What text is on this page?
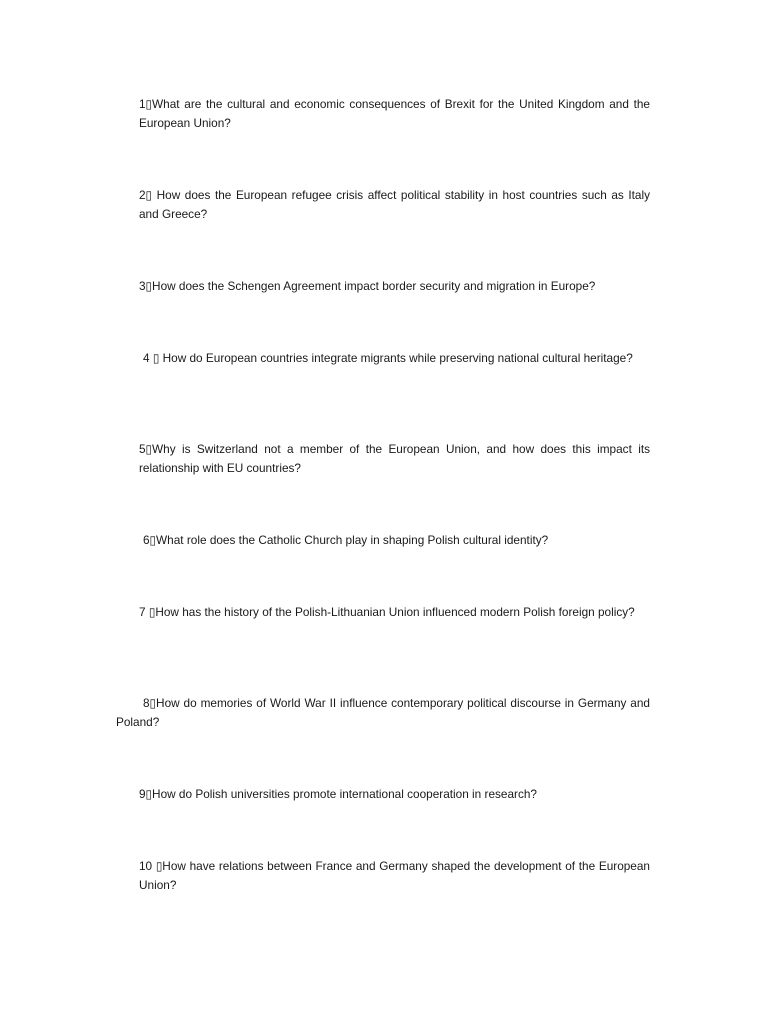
1▯What are the cultural and economic consequences of Brexit for the United Kingdom and the European Union?

2▯ How does the European refugee crisis affect political stability in host countries such as Italy and Greece?

3▯How does the Schengen Agreement impact border security and migration in Europe?

4 ▯ How do European countries integrate migrants while preserving national cultural heritage?

5▯Why is Switzerland not a member of the European Union, and how does this impact its relationship with EU countries?

6▯What role does the Catholic Church play in shaping Polish cultural identity?

7 ▯How has the history of the Polish-Lithuanian Union influenced modern Polish foreign policy?

8▯How do memories of World War II influence contemporary political discourse in Germany and Poland?

9▯How do Polish universities promote international cooperation in research?

10 ▯How have relations between France and Germany shaped the development of the European Union?
